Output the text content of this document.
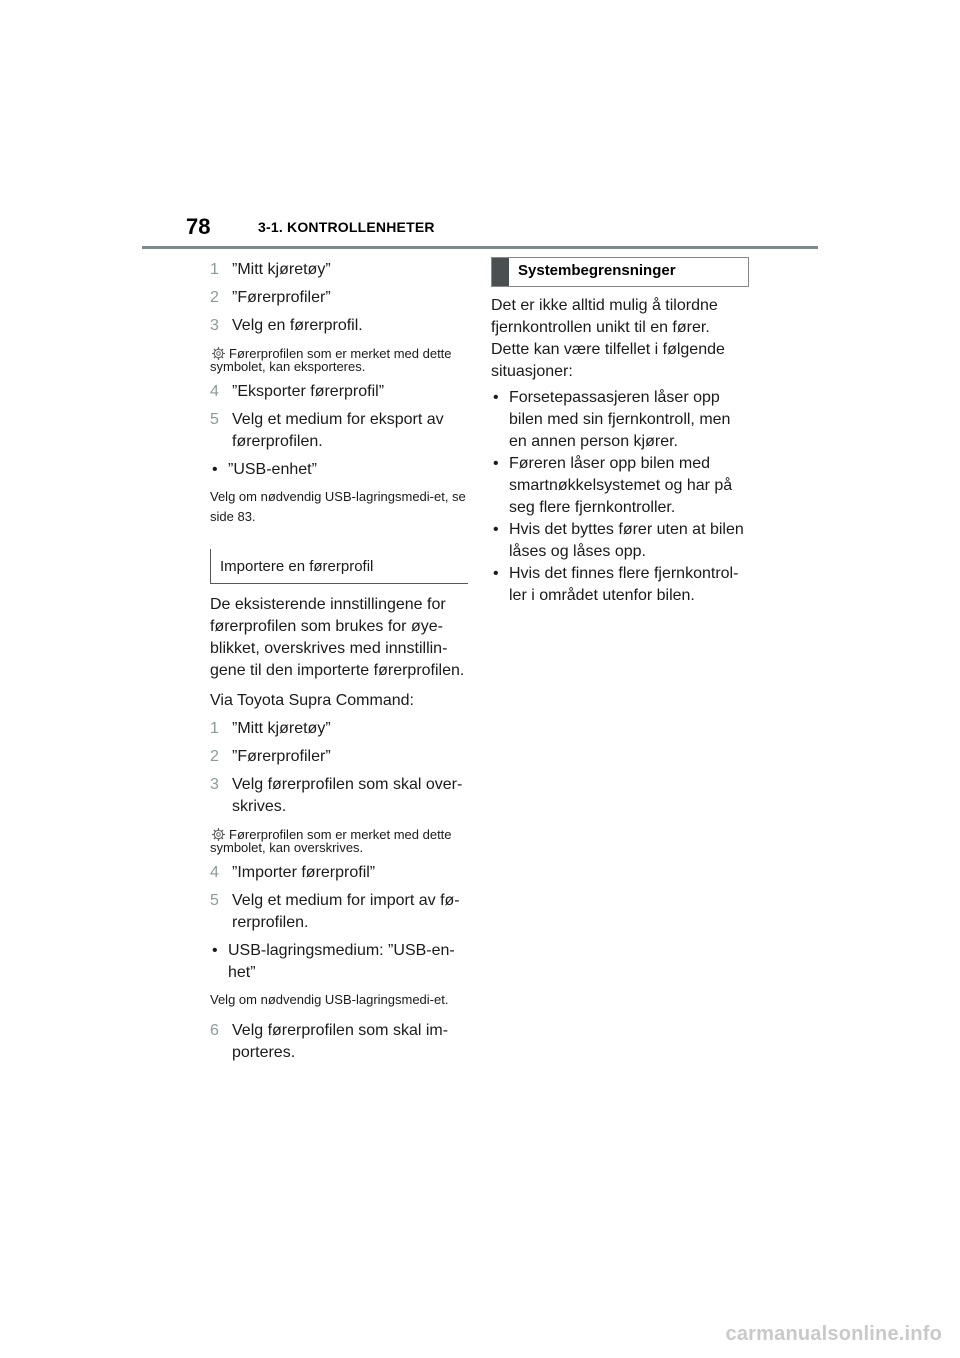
78	3-1. KONTROLLENHETER
1 ”Mitt kjøretøy”
2 ”Førerprofiler”
3 Velg en førerprofil.
Førerprofilen som er merket med dette symbolet, kan eksporteres.
4 ”Eksporter førerprofil”
5 Velg et medium for eksport av førerprofilen.
• ”USB-enhet”
Velg om nødvendig USB-lagringsmedi-et, se side 83.
Importere en førerprofil
De eksisterende innstillingene for førerprofilen som brukes for øye-blikket, overskrives med innstillin-gene til den importerte førerprofilen.
Via Toyota Supra Command:
1 ”Mitt kjøretøy”
2 ”Førerprofiler”
3 Velg førerprofilen som skal over-skrives.
Førerprofilen som er merket med dette symbolet, kan overskrives.
4 ”Importer førerprofil”
5 Velg et medium for import av fø-rerprofilen.
• USB-lagringsmedium: ”USB-en-het”
Velg om nødvendig USB-lagringsmedi-et.
6 Velg førerprofilen som skal im-porteres.
Systembegrensninger
Det er ikke alltid mulig å tilordne fjernkontrollen unikt til en fører. Dette kan være tilfellet i følgende situasjoner:
• Forsetepassasjeren låser opp bilen med sin fjernkontroll, men en annen person kjører.
• Føreren låser opp bilen med smartnøkkelsystemet og har på seg flere fjernkontroller.
• Hvis det byttes fører uten at bilen låses og låses opp.
• Hvis det finnes flere fjernkontrol-ler i området utenfor bilen.
carmanualsonline.info
